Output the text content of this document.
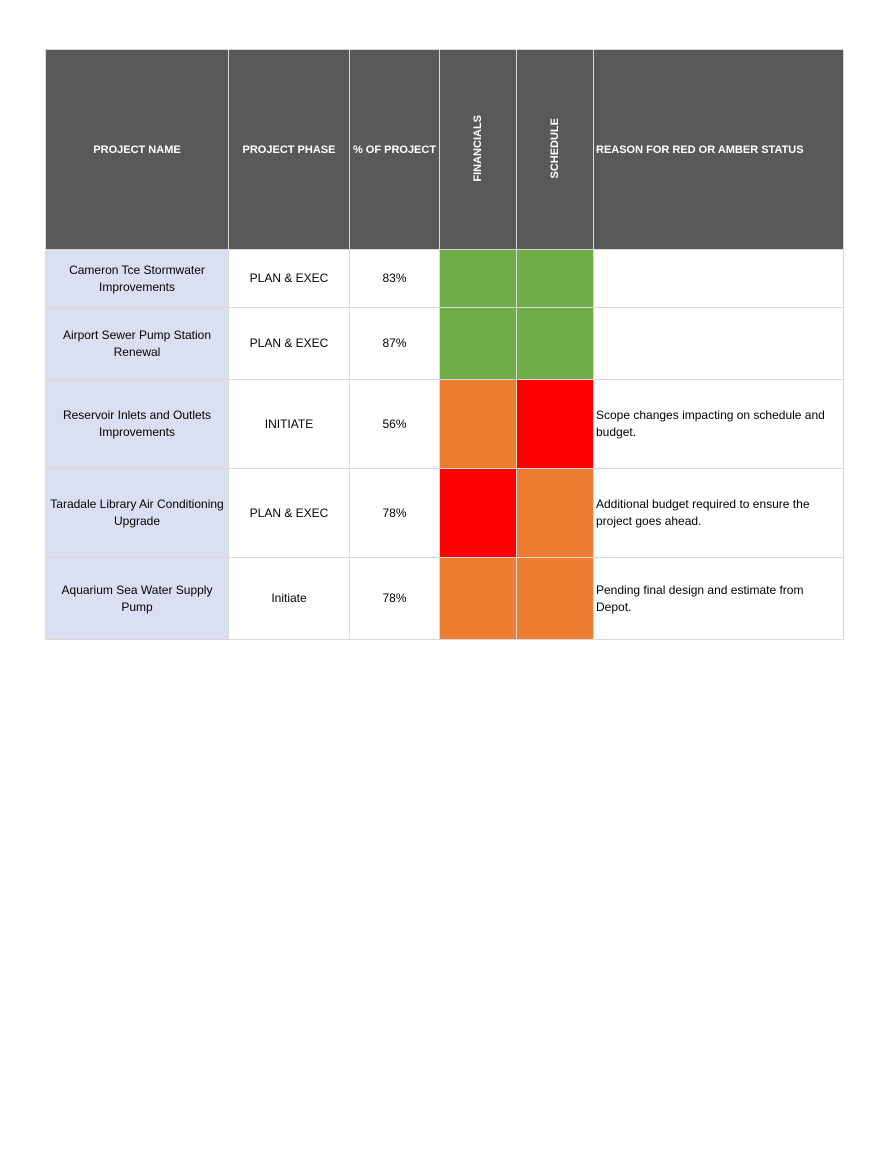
PROJECT NAME	PROJECT PHASE	% OF PROJECT	FINANCIALS	SCHEDULE	REASON FOR RED OR AMBER STATUS
Cameron Tce Stormwater Improvements	PLAN & EXEC	83%			
Airport Sewer Pump Station Renewal	PLAN & EXEC	87%			
Reservoir Inlets and Outlets Improvements	INITIATE	56%			Scope changes impacting on schedule and budget.
Taradale Library Air Conditioning Upgrade	PLAN & EXEC	78%			Additional budget required to ensure the project goes ahead.
Aquarium Sea Water Supply Pump	Initiate	78%			Pending final design and estimate from Depot.
